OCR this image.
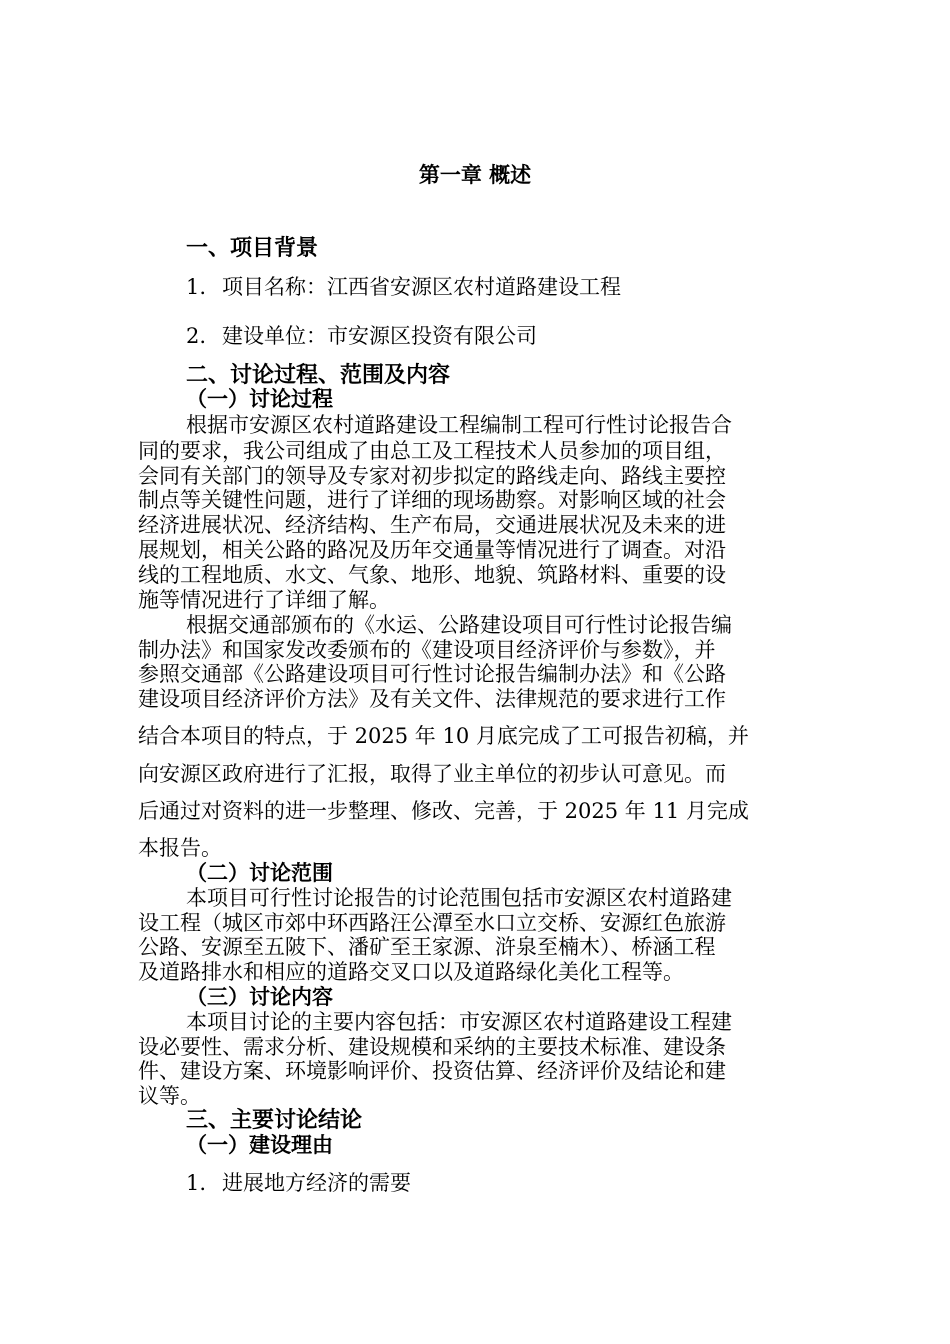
第一章 概述
一、项目背景
1. 项目名称：江西省安源区农村道路建设工程
2. 建设单位：市安源区投资有限公司
二、讨论过程、范围及内容
（一）讨论过程
根据市安源区农村道路建设工程编制工程可行性讨论报告合
同的要求，我公司组成了由总工及工程技术人员参加的项目组，
会同有关部门的领导及专家对初步拟定的路线走向、路线主要控
制点等关键性问题，进行了详细的现场勘察。对影响区域的社会
经济进展状况、经济结构、生产布局，交通进展状况及未来的进
展规划，相关公路的路况及历年交通量等情况进行了调查。对沿
线的工程地质、水文、气象、地形、地貌、筑路材料、重要的设
施等情况进行了详细了解。
根据交通部颁布的《水运、公路建设项目可行性讨论报告编
制办法》和国家发改委颁布的《建设项目经济评价与参数》，并
参照交通部《公路建设项目可行性讨论报告编制办法》和《公路
建设项目经济评价方法》及有关文件、法律规范的要求进行工作
结合本项目的特点，于 2025 年 10 月底完成了工可报告初稿，并
向安源区政府进行了汇报，取得了业主单位的初步认可意见。而
后通过对资料的进一步整理、修改、完善，于 2025 年 11 月完成
本报告。
（二）讨论范围
本项目可行性讨论报告的讨论范围包括市安源区农村道路建
设工程（城区市郊中环西路汪公潭至水口立交桥、安源红色旅游
公路、安源至五陂下、潘矿至王家源、浒泉至楠木）、桥涵工程
及道路排水和相应的道路交叉口以及道路绿化美化工程等。
（三）讨论内容
本项目讨论的主要内容包括：市安源区农村道路建设工程建
设必要性、需求分析、建设规模和采纳的主要技术标准、建设条
件、建设方案、环境影响评价、投资估算、经济评价及结论和建
议等。
三、主要讨论结论
（一）建设理由
1. 进展地方经济的需要
